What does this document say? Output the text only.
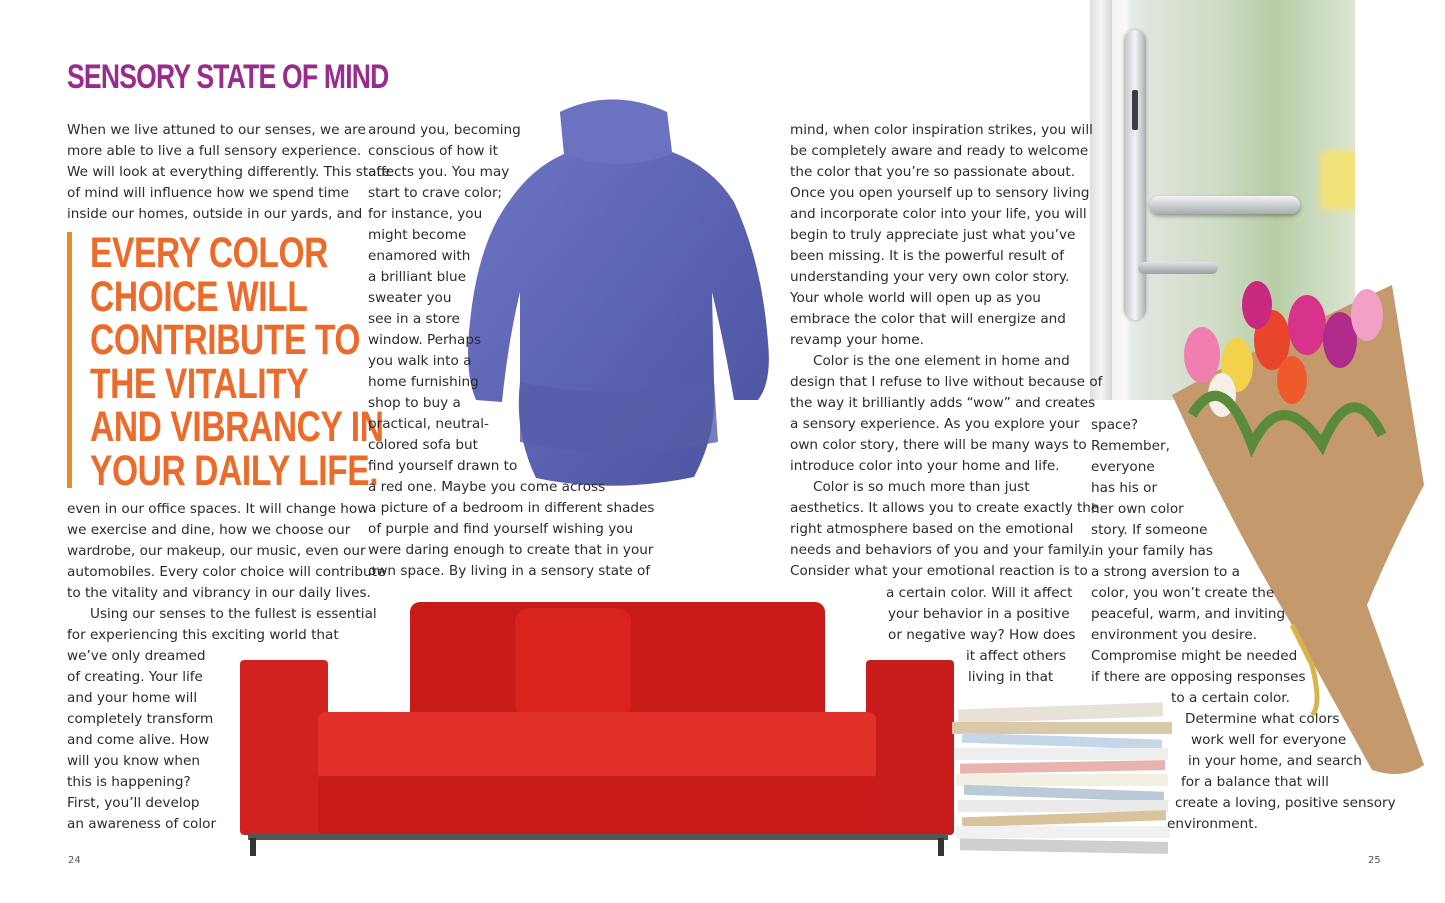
SENSORY STATE OF MIND

When we live attuned to our senses, we are

more able to live a full sensory experience.

We will look at everything differently. This state

of mind will influence how we spend time

inside our homes, outside in our yards, and

EVERY COLOR

CHOICE WILL

CONTRIBUTE TO

THE VITALITY

AND VIBRANCY IN

YOUR DAILY LIFE.

even in our office spaces. It will change how

we exercise and dine, how we choose our

wardrobe, our makeup, our music, even our

automobiles. Every color choice will contribute

to the vitality and vibrancy in our daily lives.

Using our senses to the fullest is essential

for experiencing this exciting world that

we’ve only dreamed

of creating. Your life

and your home will

completely transform

and come alive. How

will you know when

this is happening?

First, you’ll develop

an awareness of color

around you, becoming

conscious of how it

affects you. You may

start to crave color;

for instance, you

might become

enamored with

a brilliant blue

sweater you

see in a store

window. Perhaps

you walk into a

home furnishing

shop to buy a

practical, neutral-

colored sofa but

find yourself drawn to

a red one. Maybe you come across

a picture of a bedroom in different shades

of purple and find yourself wishing you

were daring enough to create that in your

own space. By living in a sensory state of

mind, when color inspiration strikes, you will

be completely aware and ready to welcome

the color that you’re so passionate about.

Once you open yourself up to sensory living

and incorporate color into your life, you will

begin to truly appreciate just what you’ve

been missing. It is the powerful result of

understanding your very own color story.

Your whole world will open up as you

embrace the color that will energize and

revamp your home.

Color is the one element in home and

design that I refuse to live without because of

the way it brilliantly adds “wow” and creates

a sensory experience. As you explore your

own color story, there will be many ways to

introduce color into your home and life.

Color is so much more than just

aesthetics. It allows you to create exactly the

right atmosphere based on the emotional

needs and behaviors of you and your family.

Consider what your emotional reaction is to

a certain color. Will it affect

your behavior in a positive

or negative way? How does

it affect others

living in that

space?

Remember,

everyone

has his or

her own color

story. If someone

in your family has

a strong aversion to a

color, you won’t create the

peaceful, warm, and inviting

environment you desire.

Compromise might be needed

if there are opposing responses

to a certain color.

Determine what colors

work well for everyone

in your home, and search

for a balance that will

create a loving, positive sensory

environment.

24	25
